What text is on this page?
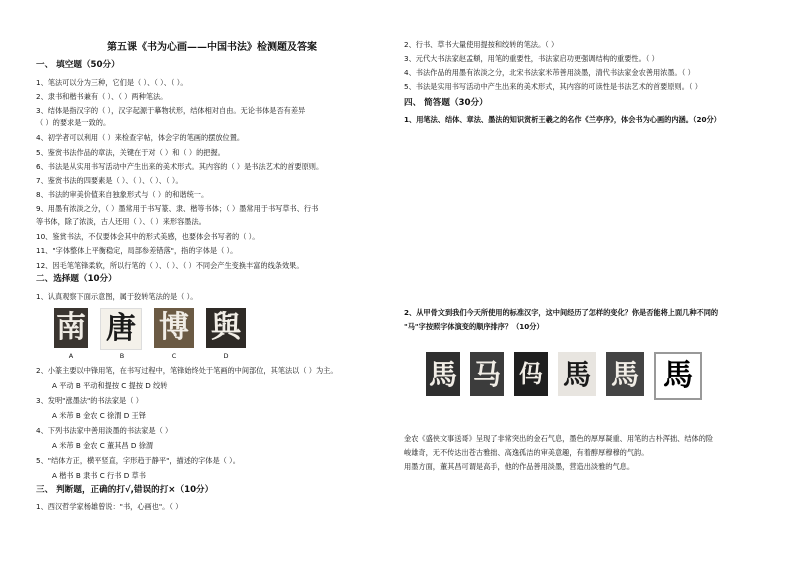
第五课《书为心画——中国书法》检测题及答案
一、 填空题（50分）
1、笔法可以分为三种，它们是（ ）、（ ）、（ ）。
2、隶书和楷书兼有（ ）、（ ）两种笔法。
3、结体是指汉字的（ ），汉字起源于摹物状形，结体相对自由。无论书体是否有差异
（ ）的要求是一致的。
4、初学者可以利用（ ）来检查字帖，体会字的笔画的摆放位置。
5、鉴赏书法作品的章法，关键在于对（ ）和（ ）的把握。
6、书法是从实用书写活动中产生出来的美术形式。其内容的（ ）是书法艺术的首要原则。
7、鉴赏书法的四要素是（ ）、（ ）、（ ）、（ ）。
8、书法的审美价值来自独象形式与（ ）的和谐统一。
9、用墨有浓淡之分，（ ）墨常用于书写篆、隶、楷等书体；（ ）墨常用于书写草书、行书
等书体，除了浓淡，古人还用（ ）、（ ）来形容墨法。
10、鉴赏书法，不仅要体会其中的形式美感，也要体会书写者的（ ）。
11、"字体整体上平衡稳定，局部参差错落"，指的字体是（ ）。
12、因毛笔笔锋柔软，所以行笔的（ ）、（ ）、（ ）不同会产生变换丰富的线条效果。
二、选择题（10分）
1、认真观察下面示意图，属于狡转笔法的是（ ）。
南 唐 博 與
A	B	C	D
2、小篆主要以中锋用笔，在书写过程中，笔锋始终处于笔画的中间部位，其笔法以（ ）为主。
A 平动 B 平动和提按 C 提按 D 绞转
3、发明"涨墨法"的书法家是（ ）
A 米芾 B 金农 C 徐渭 D 王铎
4、下列书法家中善用淡墨的书法家是（ ）
A 米芾 B 金农 C 董其昌 D 徐渭
5、"结体方正，横平竖直，字形趋于静平"，描述的字体是（ ）。
A 楷书 B 隶书 C 行书 D 草书
三、 判断题，正确的打√,错误的打×（10分）
1、西汉哲学家杨雄曾说："书，心画也"。（ ）
2、行书、草书大量使用提按和绞转的笔法。（ ）
3、元代大书法家赵孟頫，用笔的重要性，书法家启功更强调结构的重要性。（ ）
4、书法作品的用墨有浓淡之分，北宋书法家米芾善用淡墨，清代书法家金农善用浓墨。（ ）
5、书法是实用书写活动中产生出来的美术形式，其内容的可读性是书法艺术的首要原则。（ ）
四、 简答题（30分）
1、用笔法、结体、章法、墨法的知识赏析王羲之的名作《兰亭序》，体会书为心画的内涵。（20分）
2、从甲骨文到我们今天所使用的标准汉字，这中间经历了怎样的变化？你是否能将上面几种不同的
"马"字按照字体演变的顺序排序？（10分）
馬 马 㐷 馬 馬 馬
金农《盛侠文事送哥》呈现了非常突出的金石气息，墨色的厚厚凝重、用笔的古朴浑拙、结体的险
峻雄奇，无不传达出苍古雅拙、高逸孤洁的审美意趣，有着醇厚穆穆的气韵。
用墨方面，董其昌可谓是高手，他的作品善用淡墨，营造出淡雅的气息。
